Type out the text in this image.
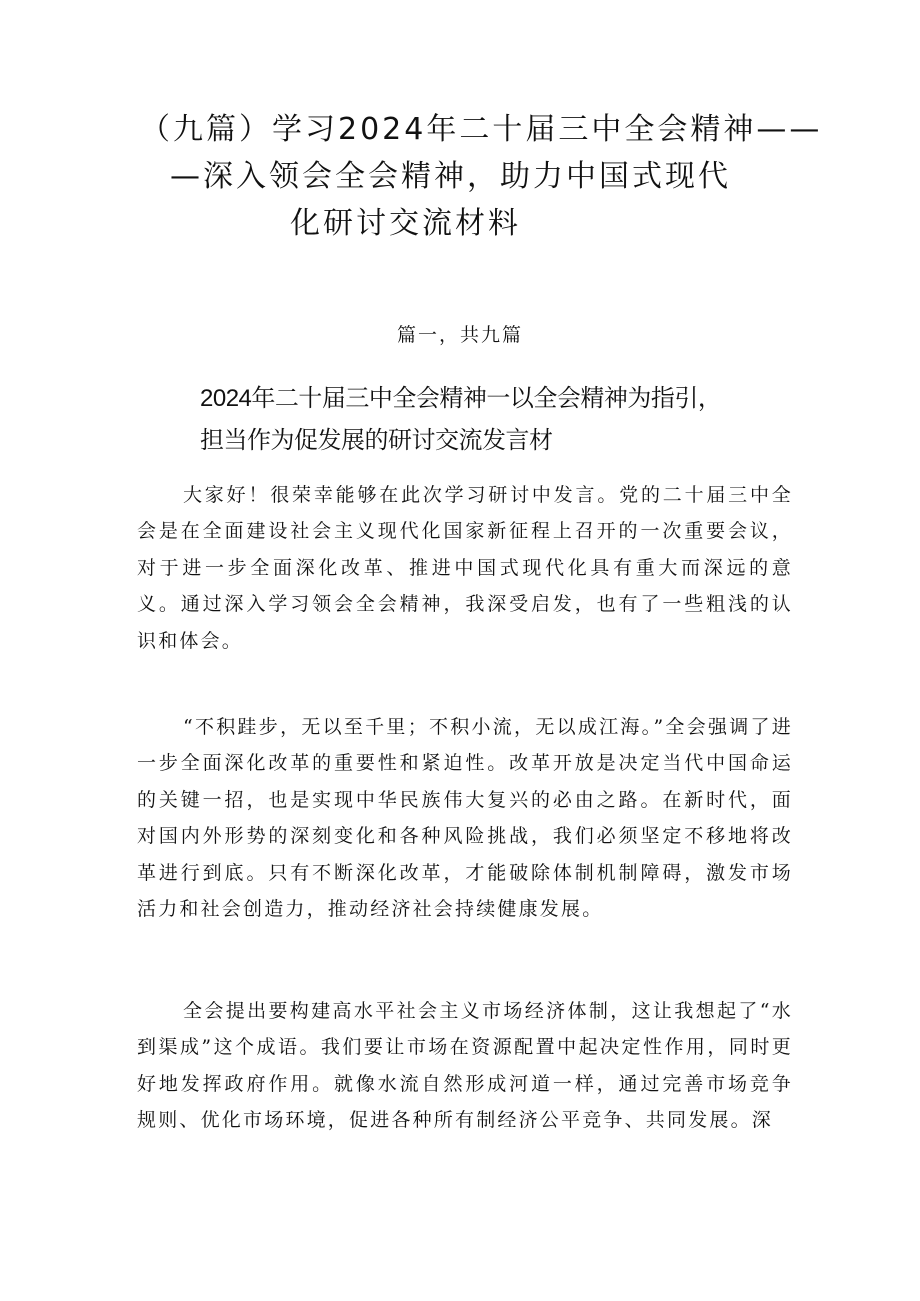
（九篇）学习2024年二十届三中全会精神——
—深入领会全会精神，助力中国式现代
化研讨交流材料
篇一，共九篇
2024年二十届三中全会精神一以全会精神为指引，
担当作为促发展的研讨交流发言材

大家好！很荣幸能够在此次学习研讨中发言。党的二十届三中全会是在全面建设社会主义现代化国家新征程上召开的一次重要会议，对于进一步全面深化改革、推进中国式现代化具有重大而深远的意义。通过深入学习领会全会精神，我深受启发，也有了一些粗浅的认识和体会。

“不积跬步，无以至千里；不积小流，无以成江海。”全会强调了进一步全面深化改革的重要性和紧迫性。改革开放是决定当代中国命运的关键一招，也是实现中华民族伟大复兴的必由之路。在新时代，面对国内外形势的深刻变化和各种风险挑战，我们必须坚定不移地将改革进行到底。只有不断深化改革，才能破除体制机制障碍，激发市场活力和社会创造力，推动经济社会持续健康发展。

全会提出要构建高水平社会主义市场经济体制，这让我想起了“水到渠成”这个成语。我们要让市场在资源配置中起决定性作用，同时更好地发挥政府作用。就像水流自然形成河道一样，通过完善市场竞争规则、优化市场环境，促进各种所有制经济公平竞争、共同发展。深
